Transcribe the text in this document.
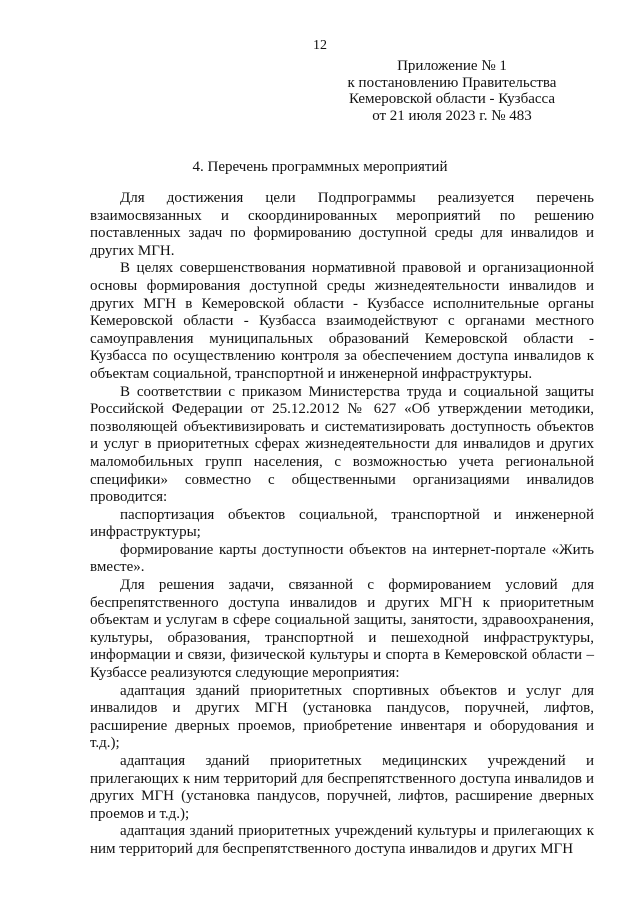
12

Приложение № 1
к постановлению Правительства
Кемеровской области - Кузбасса
от 21 июля 2023 г. № 483
4. Перечень программных мероприятий

Для достижения цели Подпрограммы реализуется перечень взаимосвязанных и скоординированных мероприятий по решению поставленных задач по формированию доступной среды для инвалидов и других МГН.

В целях совершенствования нормативной правовой и организационной основы формирования доступной среды жизнедеятельности инвалидов и других МГН в Кемеровской области - Кузбассе исполнительные органы Кемеровской области - Кузбасса взаимодействуют с органами местного самоуправления муниципальных образований Кемеровской области - Кузбасса по осуществлению контроля за обеспечением доступа инвалидов к объектам социальной, транспортной и инженерной инфраструктуры.

В соответствии с приказом Министерства труда и социальной защиты Российской Федерации от 25.12.2012 № 627 «Об утверждении методики, позволяющей объективизировать и систематизировать доступность объектов и услуг в приоритетных сферах жизнедеятельности для инвалидов и других маломобильных групп населения, с возможностью учета региональной специфики» совместно с общественными организациями инвалидов проводится:

паспортизация объектов социальной, транспортной и инженерной инфраструктуры;

формирование карты доступности объектов на интернет-портале «Жить вместе».

Для решения задачи, связанной с формированием условий для беспрепятственного доступа инвалидов и других МГН к приоритетным объектам и услугам в сфере социальной защиты, занятости, здравоохранения, культуры, образования, транспортной и пешеходной инфраструктуры, информации и связи, физической культуры и спорта в Кемеровской области – Кузбассе реализуются следующие мероприятия:

адаптация зданий приоритетных спортивных объектов и услуг для инвалидов и других МГН (установка пандусов, поручней, лифтов, расширение дверных проемов, приобретение инвентаря и оборудования и т.д.);

адаптация зданий приоритетных медицинских учреждений и прилегающих к ним территорий для беспрепятственного доступа инвалидов и других МГН (установка пандусов, поручней, лифтов, расширение дверных проемов и т.д.);

адаптация зданий приоритетных учреждений культуры и прилегающих к ним территорий для беспрепятственного доступа инвалидов и других МГН
